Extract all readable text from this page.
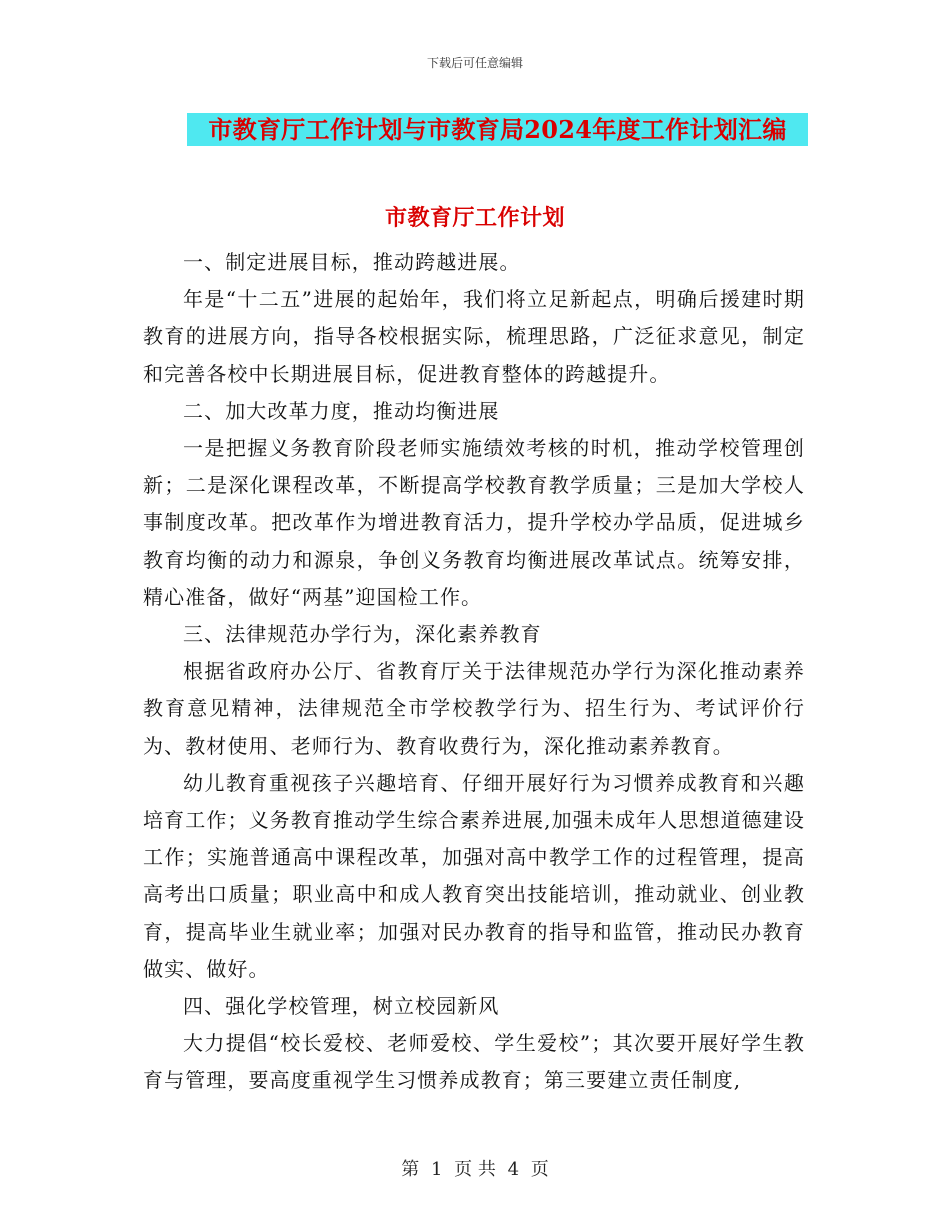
下载后可任意编辑
市教育厅工作计划与市教育局2024年度工作计划汇编
市教育厅工作计划

一、制定进展目标，推动跨越进展。

年是“十二五”进展的起始年，我们将立足新起点，明确后援建时期教育的进展方向，指导各校根据实际，梳理思路，广泛征求意见，制定和完善各校中长期进展目标，促进教育整体的跨越提升。

二、加大改革力度，推动均衡进展

一是把握义务教育阶段老师实施绩效考核的时机，推动学校管理创新；二是深化课程改革，不断提高学校教育教学质量；三是加大学校人事制度改革。把改革作为增进教育活力，提升学校办学品质，促进城乡教育均衡的动力和源泉，争创义务教育均衡进展改革试点。统筹安排，精心准备，做好“两基”迎国检工作。

三、法律规范办学行为，深化素养教育

根据省政府办公厅、省教育厅关于法律规范办学行为深化推动素养教育意见精神，法律规范全市学校教学行为、招生行为、考试评价行为、教材使用、老师行为、教育收费行为，深化推动素养教育。

幼儿教育重视孩子兴趣培育、仔细开展好行为习惯养成教育和兴趣培育工作；义务教育推动学生综合素养进展,加强未成年人思想道德建设工作；实施普通高中课程改革，加强对高中教学工作的过程管理，提高高考出口质量；职业高中和成人教育突出技能培训，推动就业、创业教育，提高毕业生就业率；加强对民办教育的指导和监管，推动民办教育做实、做好。

四、强化学校管理，树立校园新风

大力提倡“校长爱校、老师爱校、学生爱校”；其次要开展好学生教育与管理，要高度重视学生习惯养成教育；第三要建立责任制度,

第 1 页 共 4 页
